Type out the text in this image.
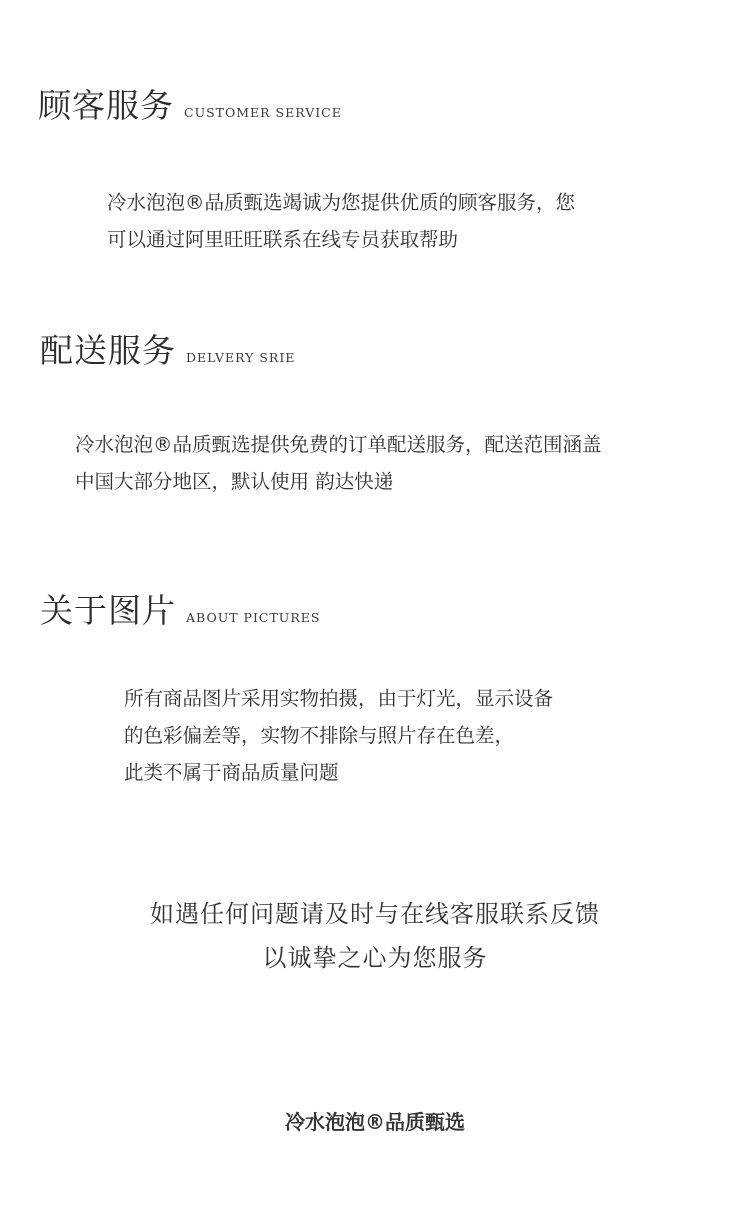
顾客服务 CUSTOMER SERVICE

冷水泡泡®品质甄选竭诚为您提供优质的顾客服务，您

可以通过阿里旺旺联系在线专员获取帮助

配送服务 DELVERY SRIE

冷水泡泡®品质甄选提供免费的订单配送服务，配送范围涵盖

中国大部分地区，默认使用 韵达快递

关于图片 ABOUT PICTURES

所有商品图片采用实物拍摄，由于灯光，显示设备

的色彩偏差等，实物不排除与照片存在色差，

此类不属于商品质量问题

如遇任何问题请及时与在线客服联系反馈

以诚挚之心为您服务

冷水泡泡®品质甄选
